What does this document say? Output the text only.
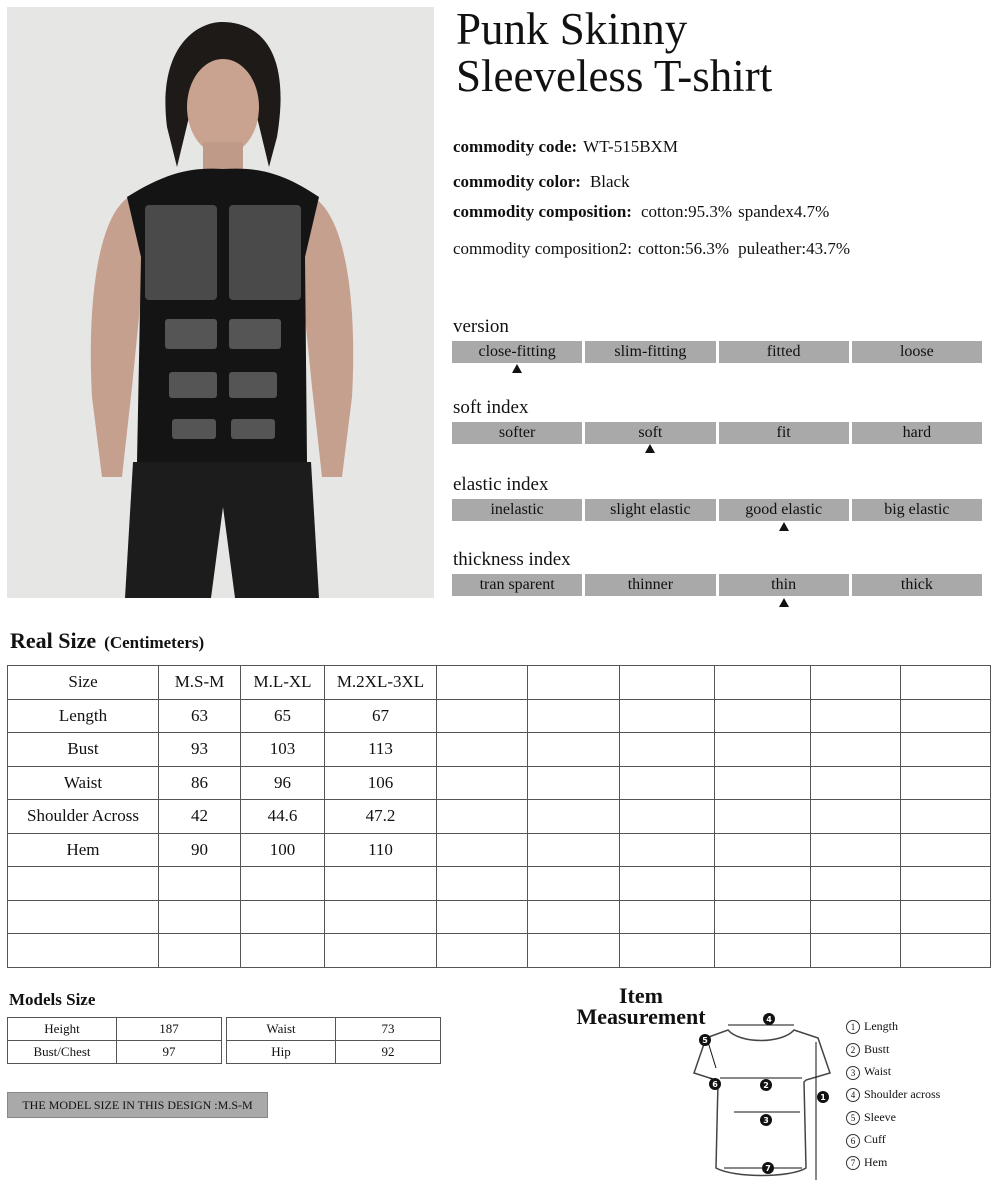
Punk Skinny
Sleeveless T-shirt
commodity code: WT-515BXM
commodity color: Black
commodity composition: cotton:95.3% spandex4.7%
commodity composition2: cotton:56.3% puleather:43.7%
version
close-fitting	slim-fitting	fitted	loose
soft index
softer	soft	fit	hard
elastic index
inelastic	slight elastic	good elastic	big elastic
thickness index
tran sparent	thinner	thin	thick
Real Size (Centimeters)
Size	M.S-M	M.L-XL	M.2XL-3XL						
Length	63	65	67						
Bust	93	103	113						
Waist	86	96	106						
Shoulder Across	42	44.6	47.2						
Hem	90	100	110						

Models Size
Height	187
Bust/Chest	97
Waist	73
Hip	92
THE MODEL SIZE IN THIS DESIGN :M.S-M
Item
Measurement	4
5
6	2
3
7
1
1 Length
2 Bustt
3 Waist
4 Shoulder across
5 Sleeve
6 Cuff
7 Hem
